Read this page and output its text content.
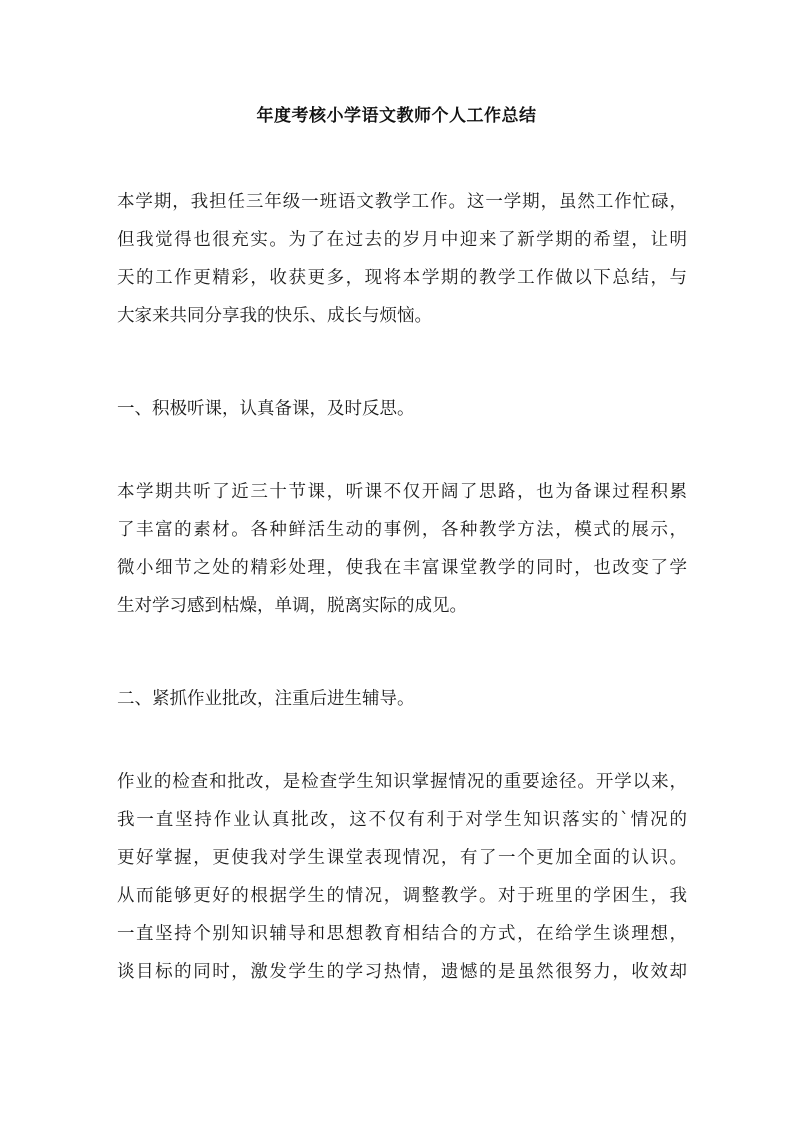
年度考核小学语文教师个人工作总结
本学期，我担任三年级一班语文教学工作。这一学期，虽然工作忙碌，
但我觉得也很充实。为了在过去的岁月中迎来了新学期的希望，让明
天的工作更精彩，收获更多，现将本学期的教学工作做以下总结，与
大家来共同分享我的快乐、成长与烦恼。
一、积极听课，认真备课，及时反思。
本学期共听了近三十节课，听课不仅开阔了思路，也为备课过程积累
了丰富的素材。各种鲜活生动的事例，各种教学方法，模式的展示，
微小细节之处的精彩处理，使我在丰富课堂教学的同时，也改变了学
生对学习感到枯燥，单调，脱离实际的成见。
二、紧抓作业批改，注重后进生辅导。
作业的检查和批改，是检查学生知识掌握情况的重要途径。开学以来，
我一直坚持作业认真批改，这不仅有利于对学生知识落实的`情况的
更好掌握，更使我对学生课堂表现情况，有了一个更加全面的认识。
从而能够更好的根据学生的情况，调整教学。对于班里的学困生，我
一直坚持个别知识辅导和思想教育相结合的方式，在给学生谈理想，
谈目标的同时，激发学生的学习热情，遗憾的是虽然很努力，收效却
